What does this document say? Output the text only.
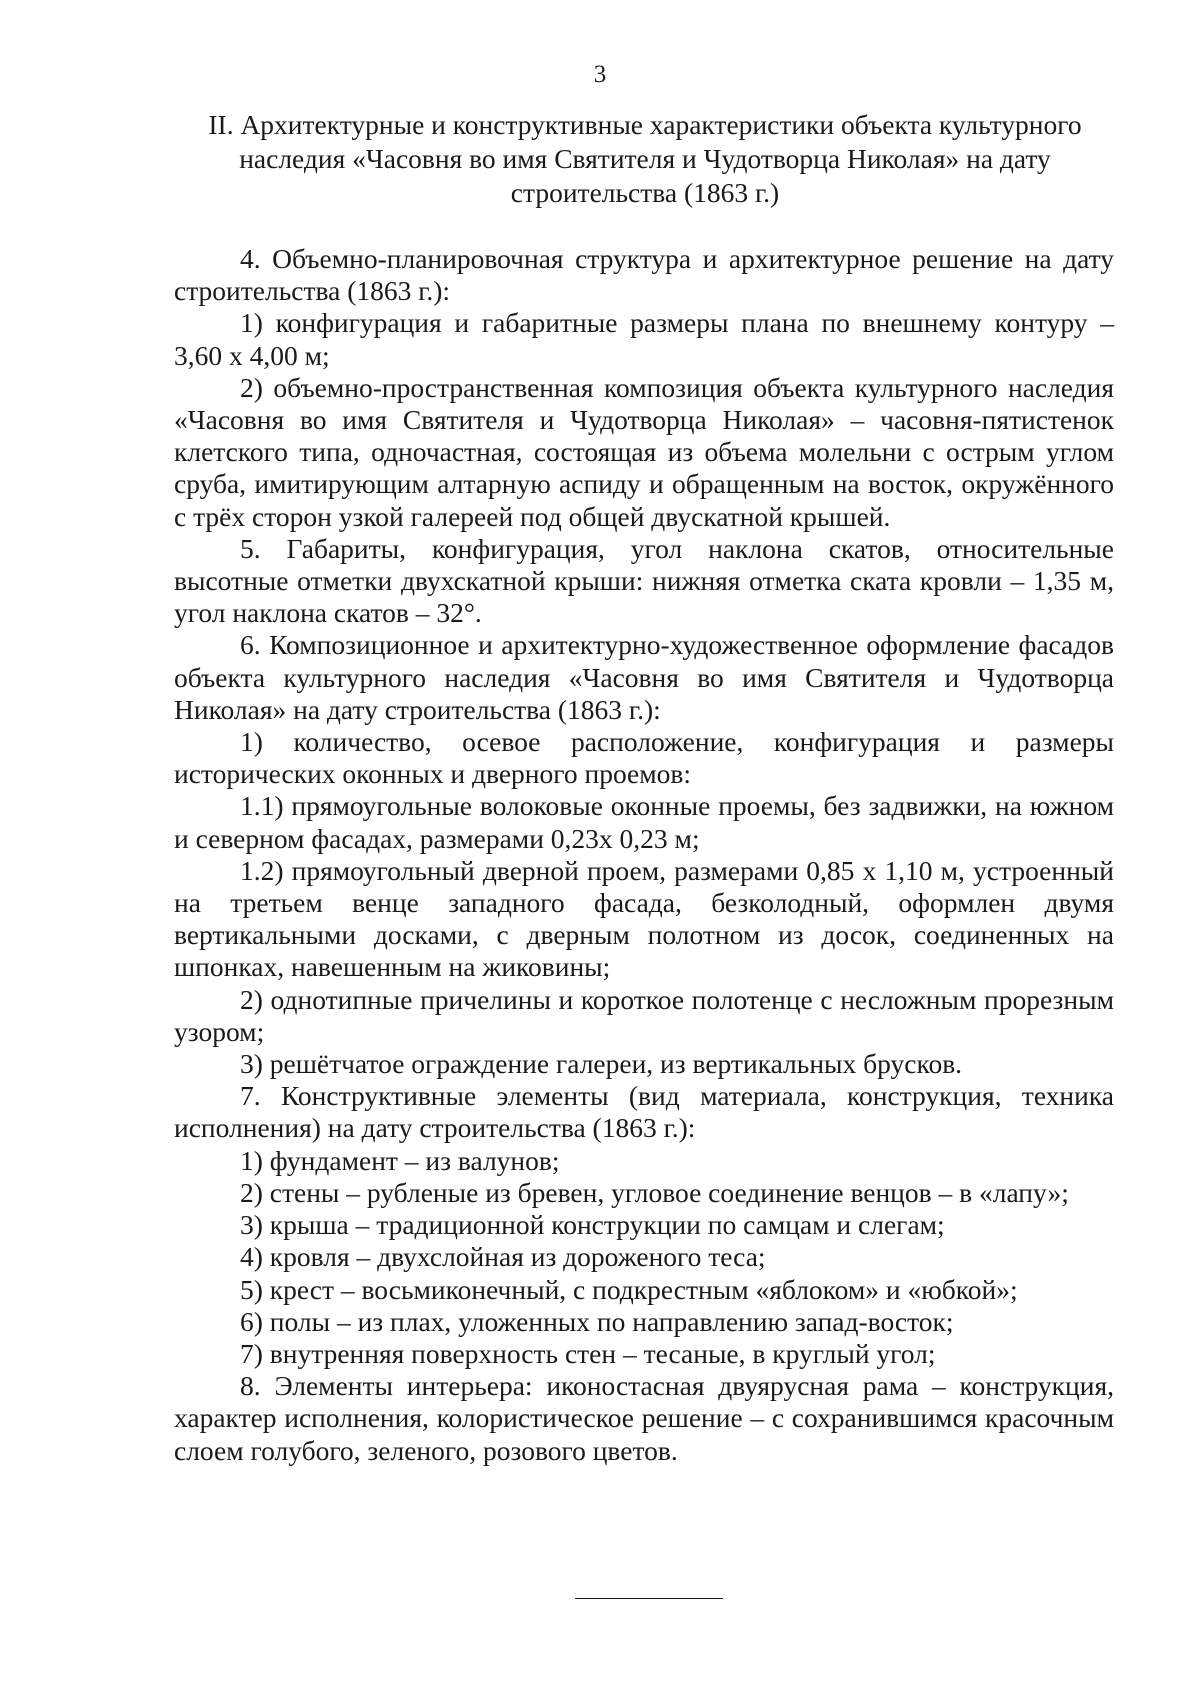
3
II. Архитектурные и конструктивные характеристики объекта культурного наследия «Часовня во имя Святителя и Чудотворца Николая» на дату строительства (1863 г.)

4. Объемно-планировочная структура и архитектурное решение на дату строительства (1863 г.):

1) конфигурация и габаритные размеры плана по внешнему контуру – 3,60 х 4,00 м;

2) объемно-пространственная композиция объекта культурного наследия «Часовня во имя Святителя и Чудотворца Николая» – часовня-пятистенок клетского типа, одночастная, состоящая из объема молельни с острым углом сруба, имитирующим алтарную аспиду и обращенным на восток, окружённого с трёх сторон узкой галереей под общей двускатной крышей.

5. Габариты, конфигурация, угол наклона скатов, относительные высотные отметки двухскатной крыши: нижняя отметка ската кровли – 1,35 м, угол наклона скатов – 32°.

6. Композиционное и архитектурно-художественное оформление фасадов объекта культурного наследия «Часовня во имя Святителя и Чудотворца Николая» на дату строительства (1863 г.):

1) количество, осевое расположение, конфигурация и размеры исторических оконных и дверного проемов:

1.1) прямоугольные волоковые оконные проемы, без задвижки, на южном и северном фасадах, размерами 0,23х 0,23 м;

1.2) прямоугольный дверной проем, размерами 0,85 х 1,10 м, устроенный на третьем венце западного фасада, безколодный, оформлен двумя вертикальными досками, с дверным полотном из досок, соединенных на шпонках, навешенным на жиковины;

2) однотипные причелины и короткое полотенце с несложным прорезным узором;

3) решётчатое ограждение галереи, из вертикальных брусков.

7. Конструктивные элементы (вид материала, конструкция, техника исполнения) на дату строительства (1863 г.):

1) фундамент – из валунов;

2) стены – рубленые из бревен, угловое соединение венцов – в «лапу»;

3) крыша – традиционной конструкции по самцам и слегам;

4) кровля – двухслойная из дороженого теса;

5) крест – восьмиконечный, с подкрестным «яблоком» и «юбкой»;

6) полы – из плах, уложенных по направлению запад-восток;

7) внутренняя поверхность стен – тесаные, в круглый угол;

8. Элементы интерьера: иконостасная двуярусная рама – конструкция, характер исполнения, колористическое решение – с сохранившимся красочным слоем голубого, зеленого, розового цветов.
